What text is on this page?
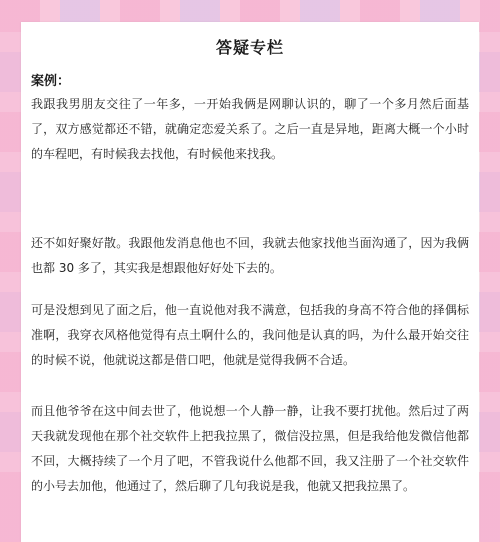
答疑专栏
案例：

我跟我男朋友交往了一年多，一开始我俩是网聊认识的，聊了一个多月然后面基了，双方感觉都还不错，就确定恋爱关系了。之后一直是异地，距离大概一个小时的车程吧，有时候我去找他，有时候他来找我。

还不如好聚好散。我跟他发消息他也不回，我就去他家找他当面沟通了，因为我俩也都 30 多了，其实我是想跟他好好处下去的。

可是没想到见了面之后，他一直说他对我不满意，包括我的身高不符合他的择偶标准啊，我穿衣风格他觉得有点土啊什么的，我问他是认真的吗，为什么最开始交往的时候不说，他就说这都是借口吧，他就是觉得我俩不合适。

而且他爷爷在这中间去世了，他说想一个人静一静，让我不要打扰他。然后过了两天我就发现他在那个社交软件上把我拉黑了，微信没拉黑，但是我给他发微信他都不回，大概持续了一个月了吧，不管我说什么他都不回，我又注册了一个社交软件的小号去加他，他通过了，然后聊了几句我说是我，他就又把我拉黑了。
